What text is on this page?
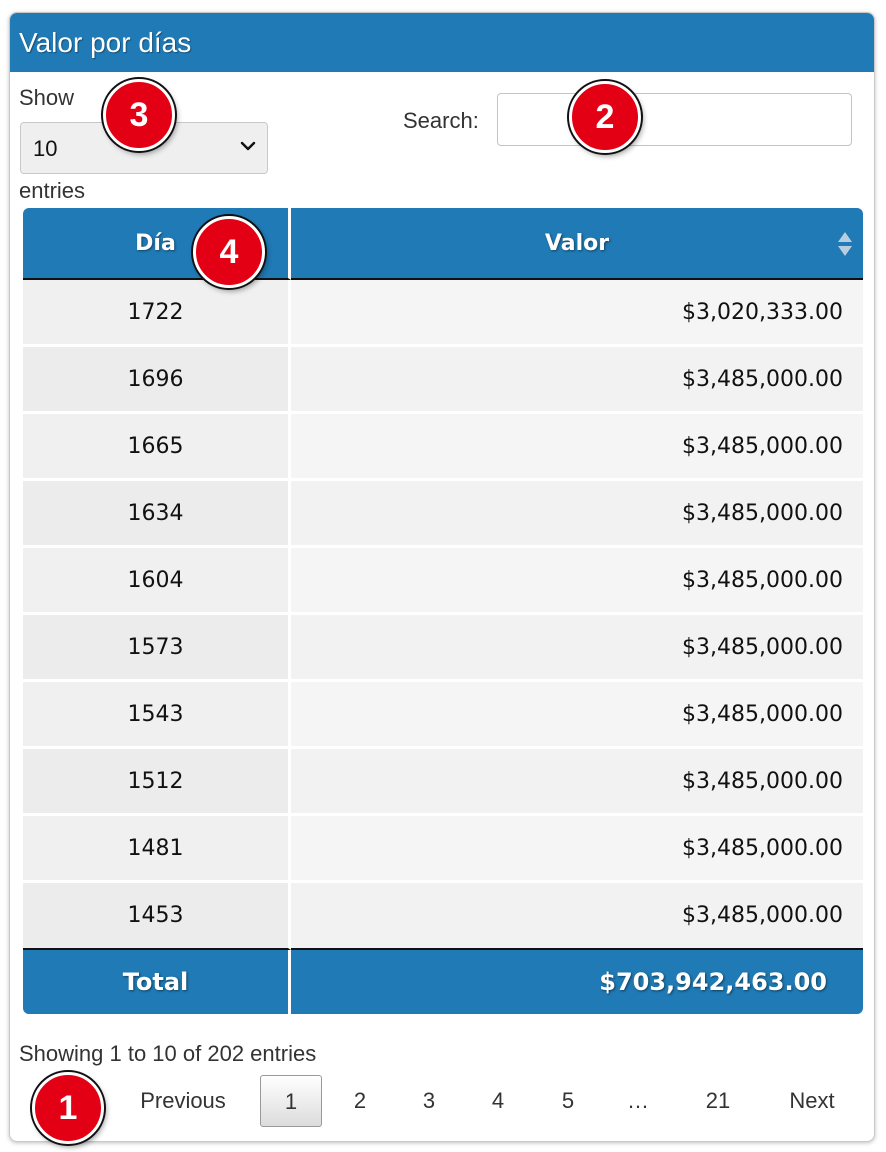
Valor por días
Show
10
entries
Search:
Día	Valor

1722	$3,020,333.00
1696	$3,485,000.00
1665	$3,485,000.00
1634	$3,485,000.00
1604	$3,485,000.00
1573	$3,485,000.00
1543	$3,485,000.00
1512	$3,485,000.00
1481	$3,485,000.00
1453	$3,485,000.00
Total	$703,942,463.00
Showing 1 to 10 of 202 entries
Previous	1	2	3	4	5	…	21	Next
1
2
3
4
